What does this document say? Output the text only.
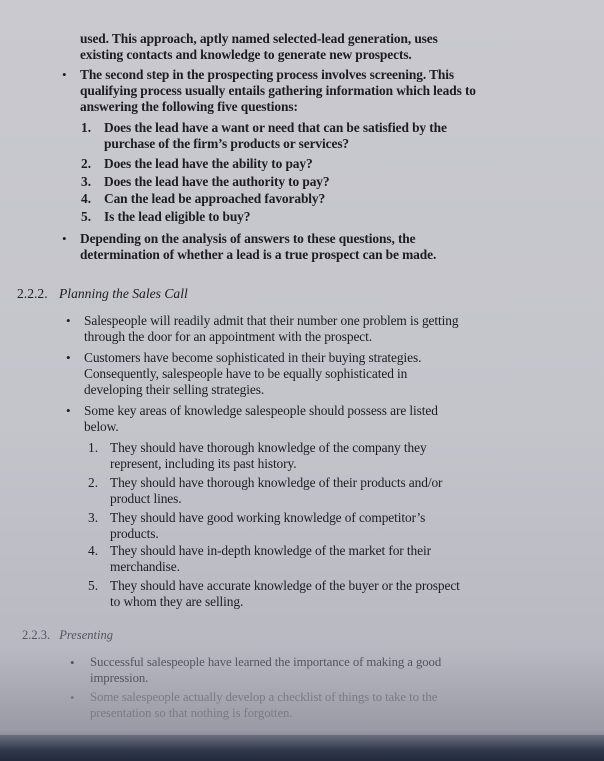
used. This approach, aptly named selected-lead generation, uses
existing contacts and knowledge to generate new prospects.
• The second step in the prospecting process involves screening. This
qualifying process usually entails gathering information which leads to
answering the following five questions:
1. Does the lead have a want or need that can be satisfied by the
purchase of the firm’s products or services?
2. Does the lead have the ability to pay?
3. Does the lead have the authority to pay?
4. Can the lead be approached favorably?
5. Is the lead eligible to buy?
• Depending on the analysis of answers to these questions, the
determination of whether a lead is a true prospect can be made.
2.2.2. Planning the Sales Call
• Salespeople will readily admit that their number one problem is getting
through the door for an appointment with the prospect.
• Customers have become sophisticated in their buying strategies.
Consequently, salespeople have to be equally sophisticated in
developing their selling strategies.
• Some key areas of knowledge salespeople should possess are listed
below.
1. They should have thorough knowledge of the company they
represent, including its past history.
2. They should have thorough knowledge of their products and/or
product lines.
3. They should have good working knowledge of competitor’s
products.
4. They should have in-depth knowledge of the market for their
merchandise.
5. They should have accurate knowledge of the buyer or the prospect
to whom they are selling.
2.2.3. Presenting
• Successful salespeople have learned the importance of making a good
impression.
• Some salespeople actually develop a checklist of things to take to the
presentation so that nothing is forgotten.
